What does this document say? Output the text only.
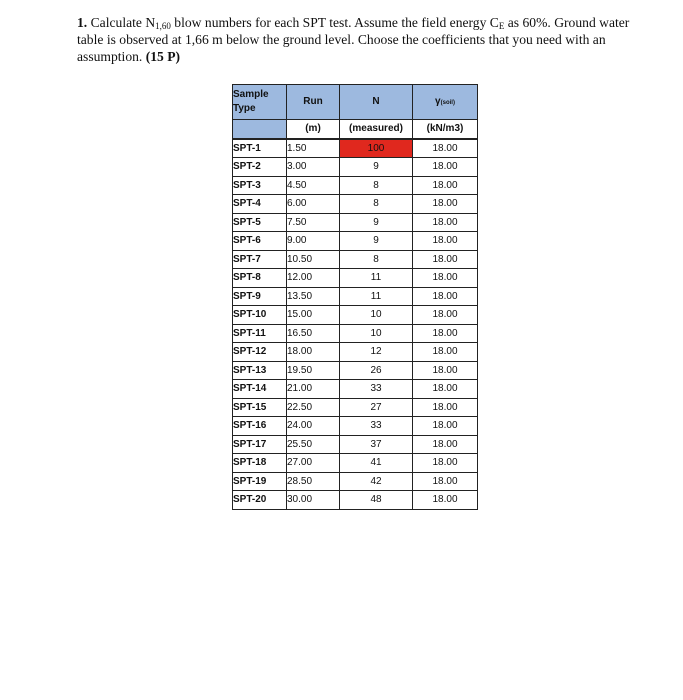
1. Calculate $N_{1,60}$ blow numbers for each SPT test. Assume the field energy $C_E$ as 60%. Ground water table is observed at 1,66 m below the ground level. Choose the coefficients that you need with an assumption. (15 P)
Sample
Type	Run	N	γ(soil)
	(m)	(measured)	(kN/m3)
SPT-1	1.50	100	18.00
SPT-2	3.00	9	18.00
SPT-3	4.50	8	18.00
SPT-4	6.00	8	18.00
SPT-5	7.50	9	18.00
SPT-6	9.00	9	18.00
SPT-7	10.50	8	18.00
SPT-8	12.00	11	18.00
SPT-9	13.50	11	18.00
SPT-10	15.00	10	18.00
SPT-11	16.50	10	18.00
SPT-12	18.00	12	18.00
SPT-13	19.50	26	18.00
SPT-14	21.00	33	18.00
SPT-15	22.50	27	18.00
SPT-16	24.00	33	18.00
SPT-17	25.50	37	18.00
SPT-18	27.00	41	18.00
SPT-19	28.50	42	18.00
SPT-20	30.00	48	18.00
